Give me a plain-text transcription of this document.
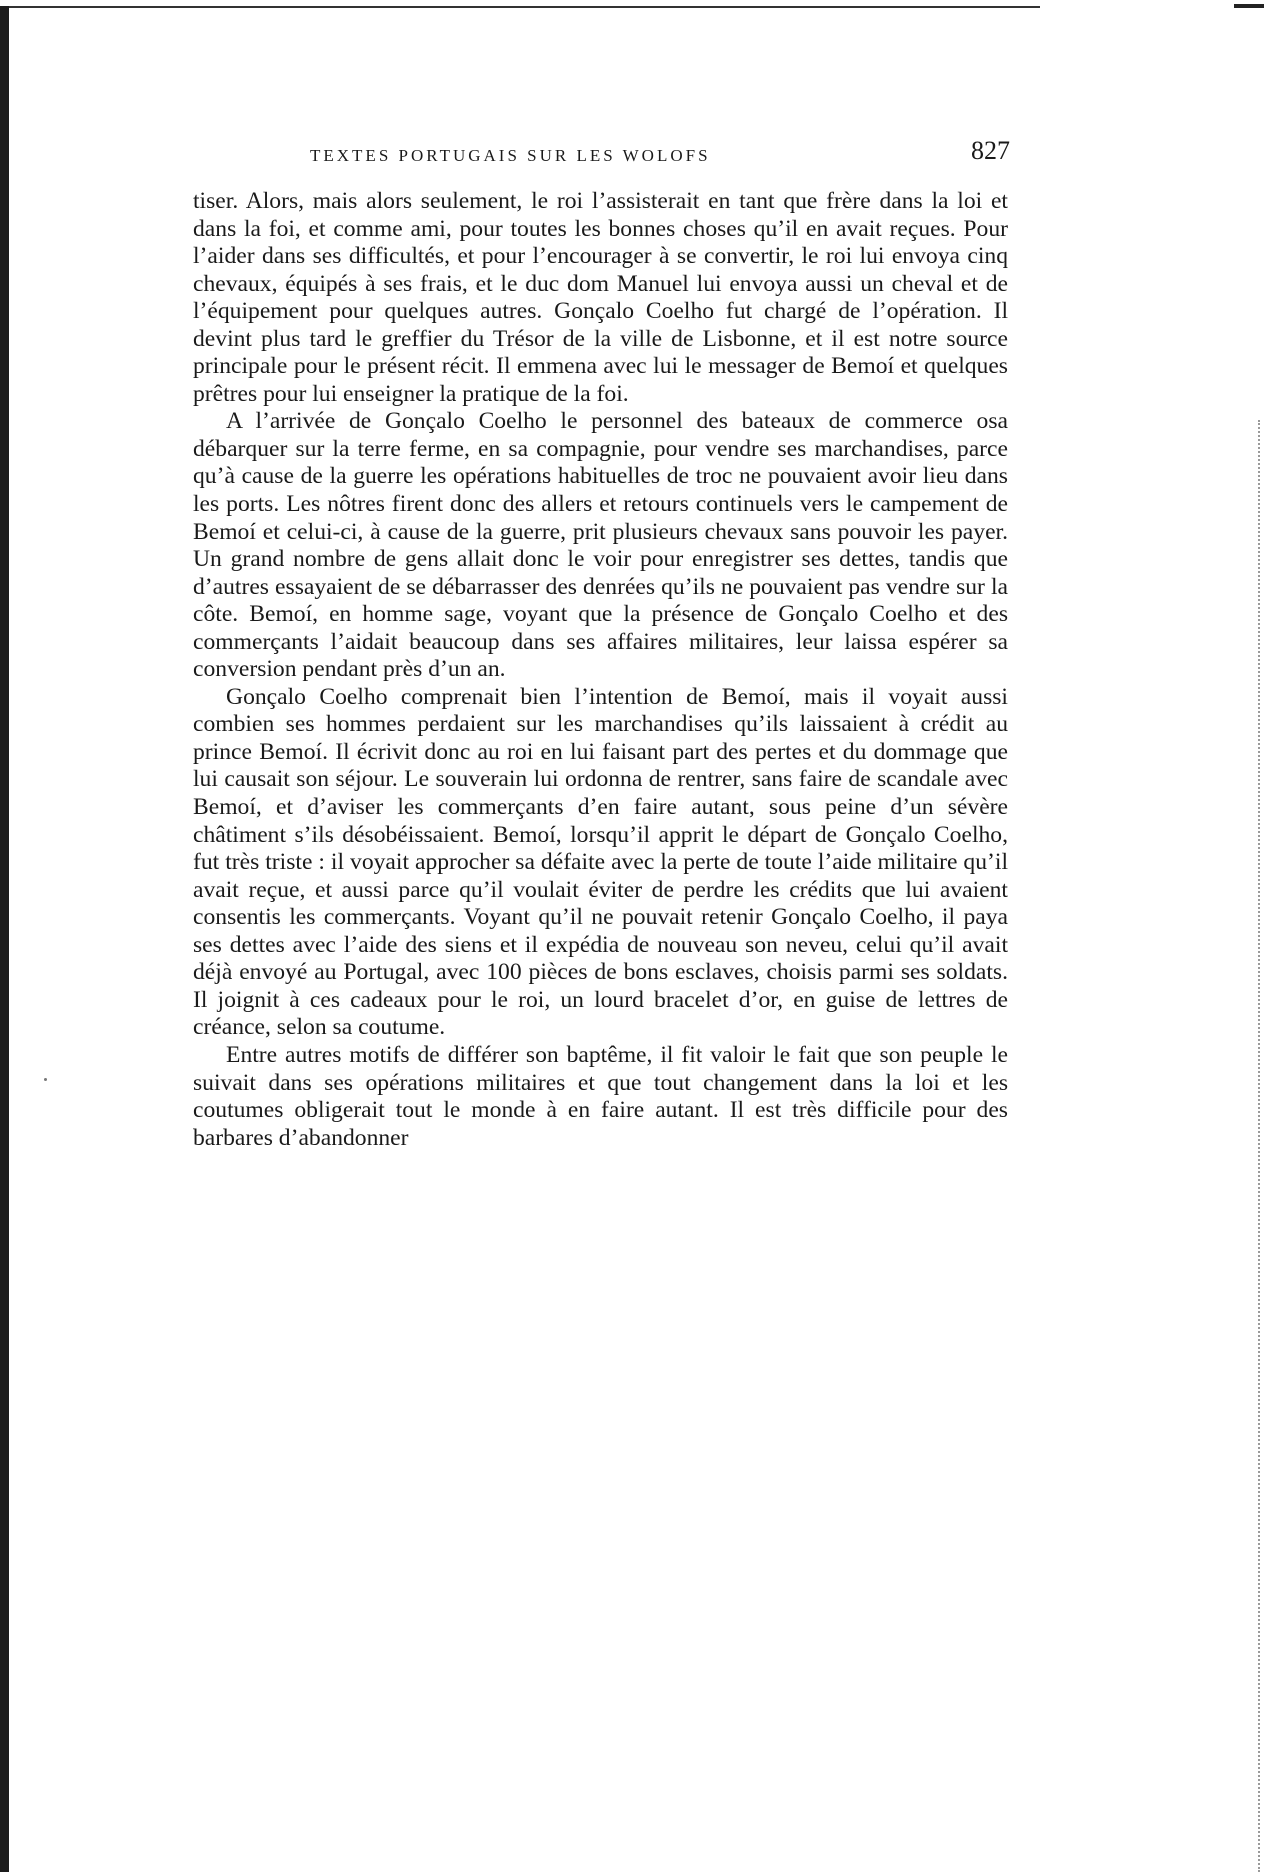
TEXTES PORTUGAIS SUR LES WOLOFS	827

tiser. Alors, mais alors seulement, le roi l’assisterait en tant que frère dans la loi et dans la foi, et comme ami, pour toutes les bonnes choses qu’il en avait reçues. Pour l’aider dans ses difficultés, et pour l’encourager à se convertir, le roi lui envoya cinq chevaux, équipés à ses frais, et le duc dom Manuel lui envoya aussi un cheval et de l’équipement pour quelques autres. Gonçalo Coelho fut chargé de l’opération. Il devint plus tard le greffier du Trésor de la ville de Lisbonne, et il est notre source principale pour le présent récit. Il emmena avec lui le messager de Bemoí et quelques prêtres pour lui enseigner la pratique de la foi.

A l’arrivée de Gonçalo Coelho le personnel des bateaux de commerce osa débarquer sur la terre ferme, en sa compagnie, pour vendre ses marchandises, parce qu’à cause de la guerre les opérations habituelles de troc ne pouvaient avoir lieu dans les ports. Les nôtres firent donc des allers et retours continuels vers le campement de Bemoí et celui-ci, à cause de la guerre, prit plusieurs chevaux sans pouvoir les payer. Un grand nombre de gens allait donc le voir pour enregistrer ses dettes, tandis que d’autres essayaient de se débarrasser des denrées qu’ils ne pouvaient pas vendre sur la côte. Bemoí, en homme sage, voyant que la présence de Gonçalo Coelho et des commerçants l’aidait beaucoup dans ses affaires militaires, leur laissa espérer sa conversion pendant près d’un an.

Gonçalo Coelho comprenait bien l’intention de Bemoí, mais il voyait aussi combien ses hommes perdaient sur les marchandises qu’ils laissaient à crédit au prince Bemoí. Il écrivit donc au roi en lui faisant part des pertes et du dommage que lui causait son séjour. Le souverain lui ordonna de rentrer, sans faire de scandale avec Bemoí, et d’aviser les commerçants d’en faire autant, sous peine d’un sévère châtiment s’ils désobéissaient. Bemoí, lorsqu’il apprit le départ de Gonçalo Coelho, fut très triste : il voyait approcher sa défaite avec la perte de toute l’aide militaire qu’il avait reçue, et aussi parce qu’il voulait éviter de perdre les crédits que lui avaient consentis les commerçants. Voyant qu’il ne pouvait retenir Gonçalo Coelho, il paya ses dettes avec l’aide des siens et il expédia de nouveau son neveu, celui qu’il avait déjà envoyé au Portugal, avec 100 pièces de bons esclaves, choisis parmi ses soldats. Il joignit à ces cadeaux pour le roi, un lourd bracelet d’or, en guise de lettres de créance, selon sa coutume.

Entre autres motifs de différer son baptême, il fit valoir le fait que son peuple le suivait dans ses opérations militaires et que tout changement dans la loi et les coutumes obligerait tout le monde à en faire autant. Il est très difficile pour des barbares d’abandonner
